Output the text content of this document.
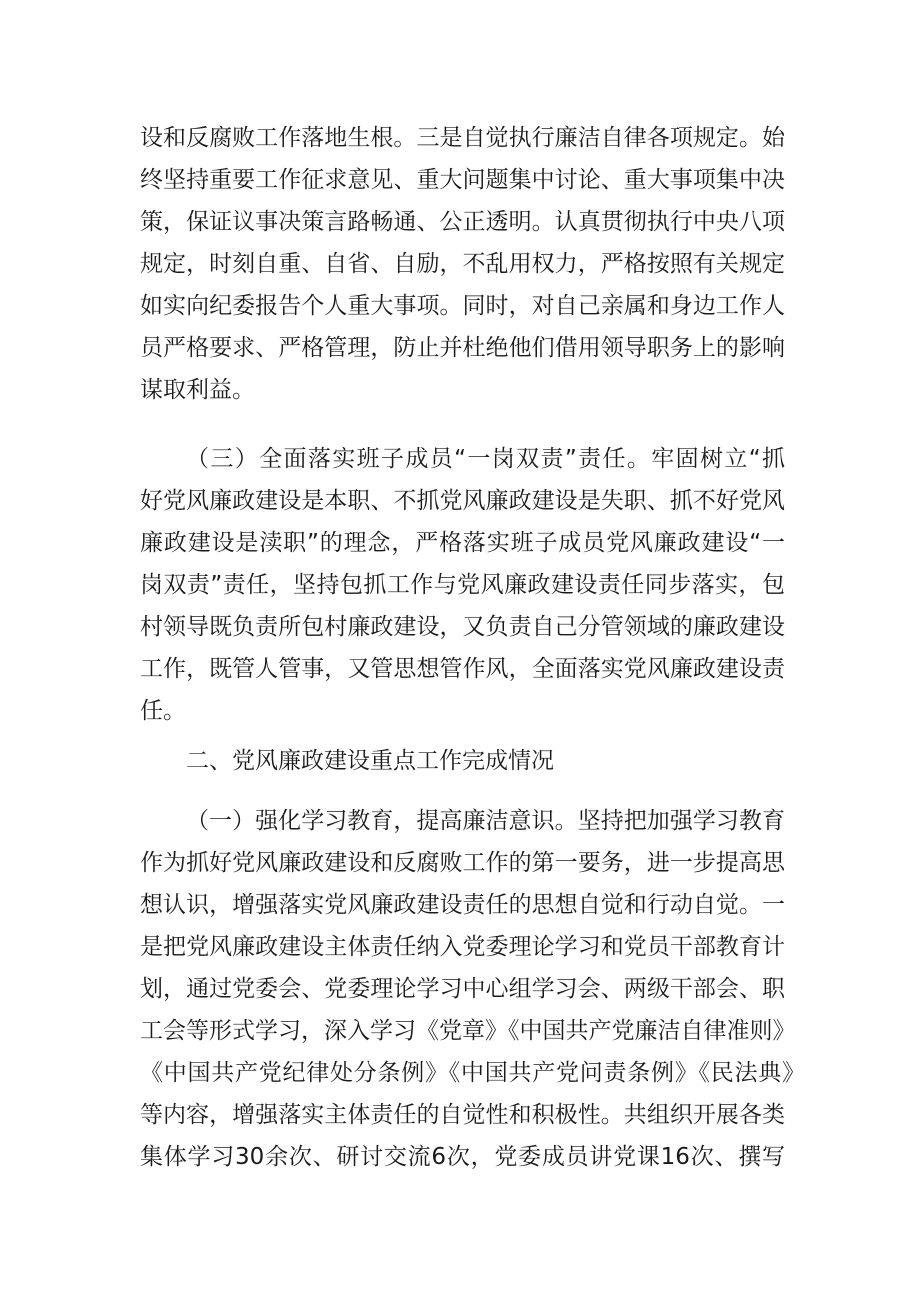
设和反腐败工作落地生根。三是自觉执行廉洁自律各项规定。始
终坚持重要工作征求意见、重大问题集中讨论、重大事项集中决
策，保证议事决策言路畅通、公正透明。认真贯彻执行中央八项
规定，时刻自重、自省、自励，不乱用权力，严格按照有关规定
如实向纪委报告个人重大事项。同时，对自己亲属和身边工作人
员严格要求、严格管理，防止并杜绝他们借用领导职务上的影响
谋取利益。
（三）全面落实班子成员“一岗双责”责任。牢固树立“抓
好党风廉政建设是本职、不抓党风廉政建设是失职、抓不好党风
廉政建设是渎职”的理念，严格落实班子成员党风廉政建设“一
岗双责”责任，坚持包抓工作与党风廉政建设责任同步落实，包
村领导既负责所包村廉政建设，又负责自己分管领域的廉政建设
工作，既管人管事，又管思想管作风，全面落实党风廉政建设责
任。
二、党风廉政建设重点工作完成情况
（一）强化学习教育，提高廉洁意识。坚持把加强学习教育
作为抓好党风廉政建设和反腐败工作的第一要务，进一步提高思
想认识，增强落实党风廉政建设责任的思想自觉和行动自觉。一
是把党风廉政建设主体责任纳入党委理论学习和党员干部教育计
划，通过党委会、党委理论学习中心组学习会、两级干部会、职
工会等形式学习，深入学习《党章》《中国共产党廉洁自律准则》
《中国共产党纪律处分条例》《中国共产党问责条例》《民法典》
等内容，增强落实主体责任的自觉性和积极性。共组织开展各类
集体学习30余次、研讨交流6次，党委成员讲党课16次、撰写
